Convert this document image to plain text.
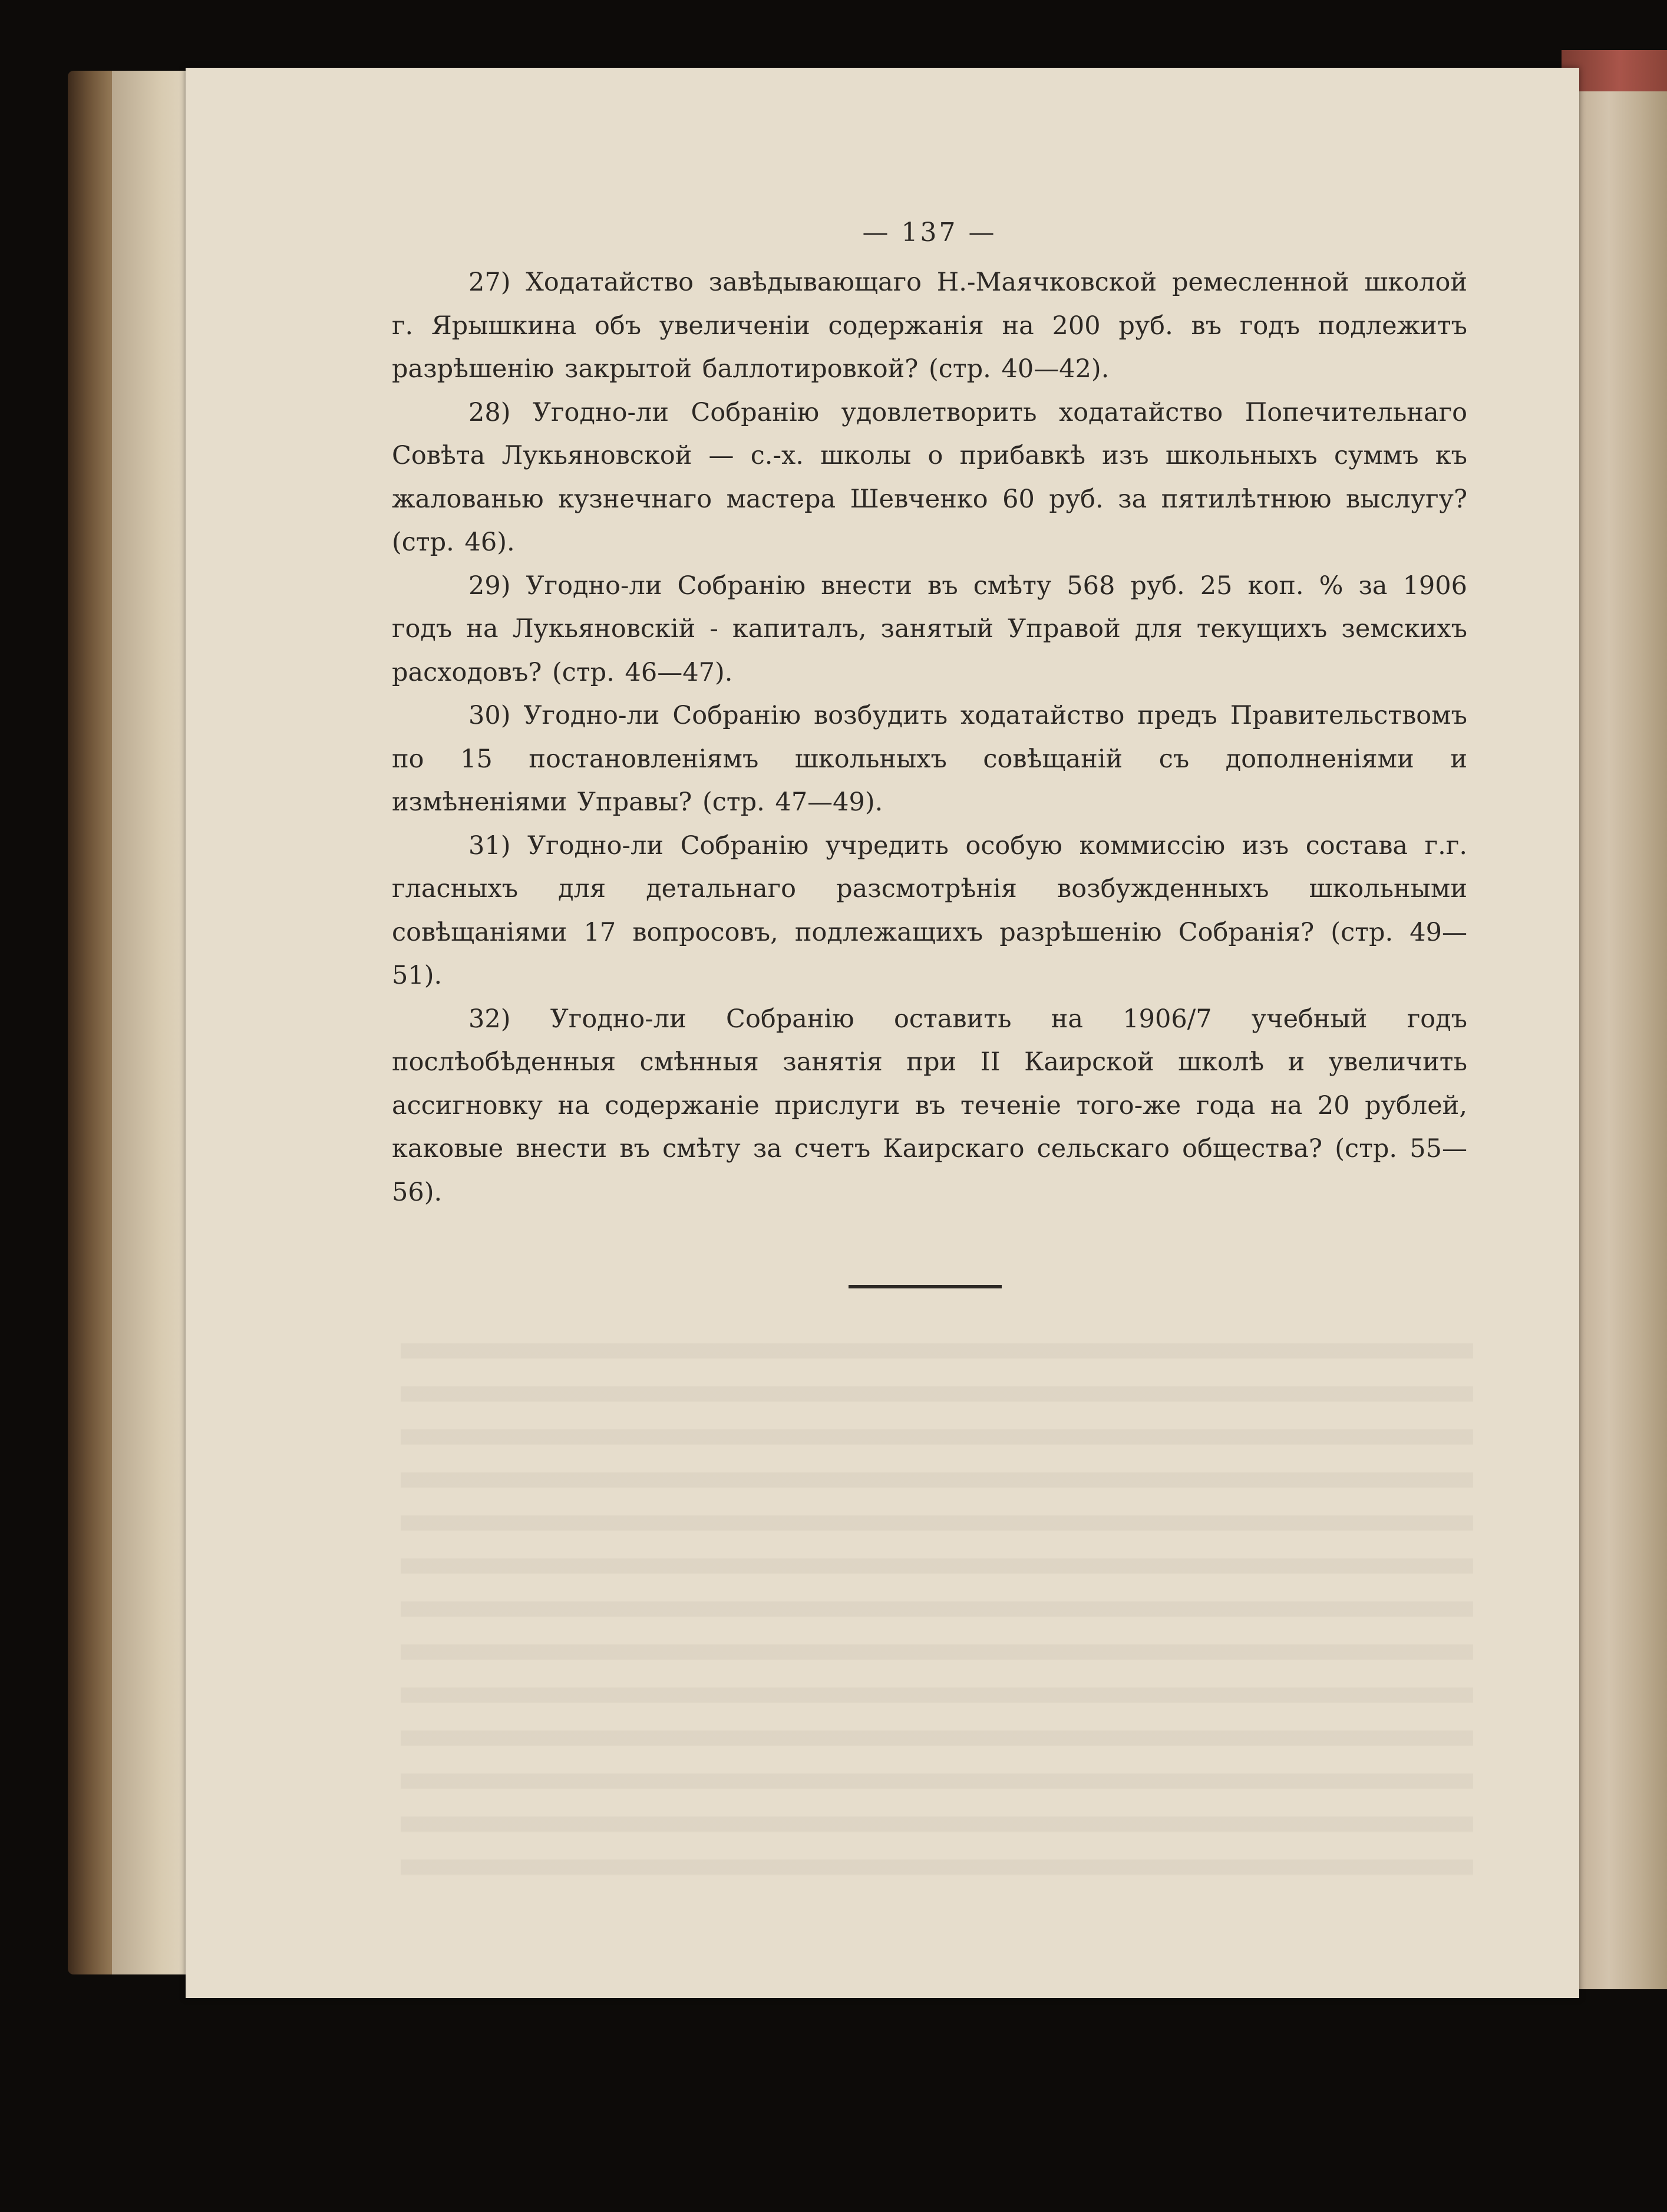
— 137 —

27) Ходатайство завѣдывающаго Н.-Маячковской ремесленной школой г. Ярышкина объ увеличеніи содержанія на 200 руб. въ годъ подлежитъ разрѣшенію закрытой баллотировкой? (стр. 40—42).

28) Угодно-ли Собранію удовлетворить ходатайство Попечительнаго Совѣта Лукьяновской — с.-х. школы о прибавкѣ изъ школьныхъ суммъ къ жалованью кузнечнаго мастера Шевченко 60 руб. за пятилѣтнюю выслугу? (стр. 46).

29) Угодно-ли Собранію внести въ смѣту 568 руб. 25 коп. % за 1906 годъ на Лукьяновскій - капиталъ, занятый Управой для текущихъ земскихъ расходовъ? (стр. 46—47).

30) Угодно-ли Собранію возбудить ходатайство предъ Правительствомъ по 15 постановленіямъ школьныхъ совѣщаній съ дополненіями и измѣненіями Управы? (стр. 47—49).

31) Угодно-ли Собранію учредить особую коммиссію изъ состава г.г. гласныхъ для детальнаго разсмотрѣнія возбужденныхъ школьными совѣщаніями 17 вопросовъ, подлежащихъ разрѣшенію Собранія? (стр. 49—51).

32) Угодно-ли Собранію оставить на 1906/7 учебный годъ послѣобѣденныя смѣнныя занятія при II Каирской школѣ и увеличить ассигновку на содержаніе прислуги въ теченіе того-же года на 20 рублей, каковые внести въ смѣту за счетъ Каирскаго сельскаго общества? (стр. 55—56).
